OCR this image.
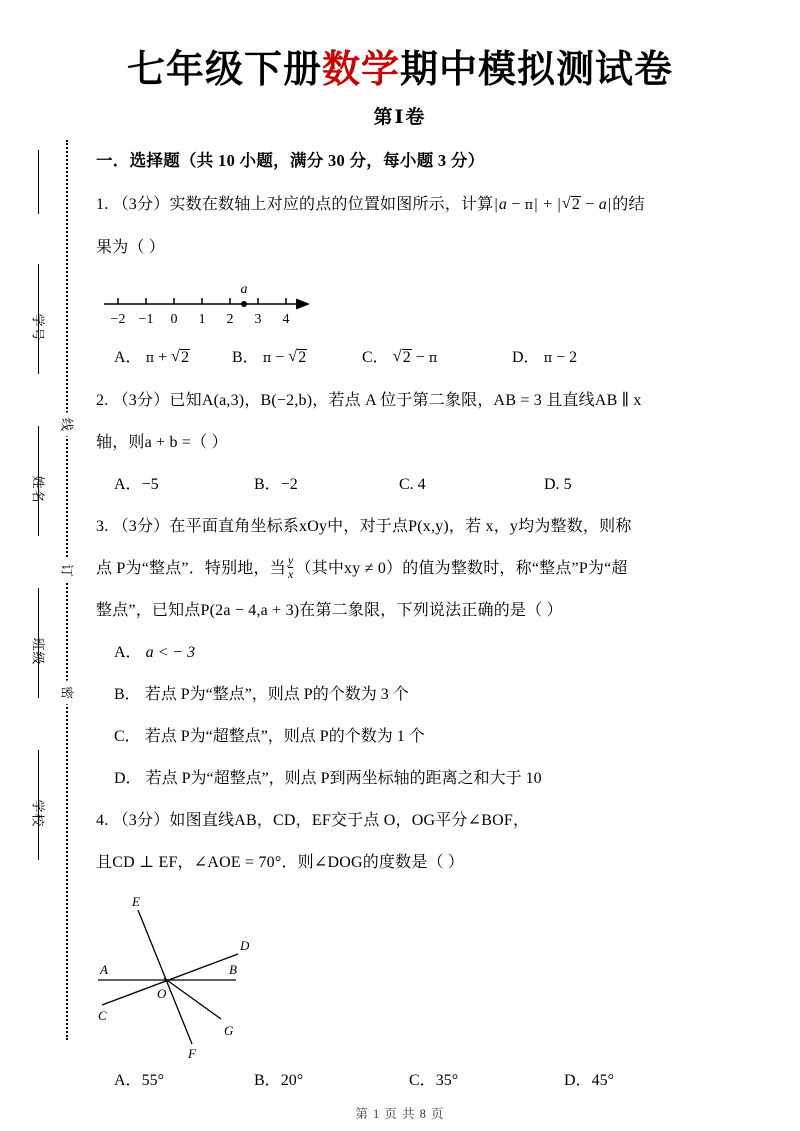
七年级下册数学期中模拟测试卷
第Ⅰ卷
学号
姓名
班级
学校
线
订
密
一．选择题（共 10 小题，满分 30 分，每小题 3 分）
1. （3分）实数在数轴上对应的点的位置如图所示，计算|a − π| + | √ 2 − a|的结
果为（ ）
A． π + √ 2	B． π − √ 2	C． √ 2 − π	D． π − 2
2. （3分）已知A(a,3)，B(−2,b)，若点 A 位于第二象限，AB = 3 且直线AB ∥ x
轴，则a + b =（ ）
A．−5	B．−2	C. 4	D. 5
3. （3分）在平面直角坐标系xOy中，对于点P(x,y)，若 x，y均为整数，则称
点 P为“整点”．特别地，当 $\frac{y}{x}$ （其中xy ≠ 0）的值为整数时，称“整点”P为“超
整点”，已知点P(2a − 4,a + 3)在第二象限，下列说法正确的是（ ）
A． a < − 3
B． 若点 P为“整点”，则点 P的个数为 3 个
C． 若点 P为“超整点”，则点 P的个数为 1 个
D． 若点 P为“超整点”，则点 P到两坐标轴的距离之和大于 10
4. （3分）如图直线AB，CD，EF交于点 O，OG平分∠BOF，
且CD ⊥ EF，∠AOE = 70°．则∠DOG的度数是（ ）
A．55°	B．20°	C．35°	D．45°
a
−2 −1 0 1 2 3 4
E
D
A	B
O
C
G
F
第 1 页 共 8 页
